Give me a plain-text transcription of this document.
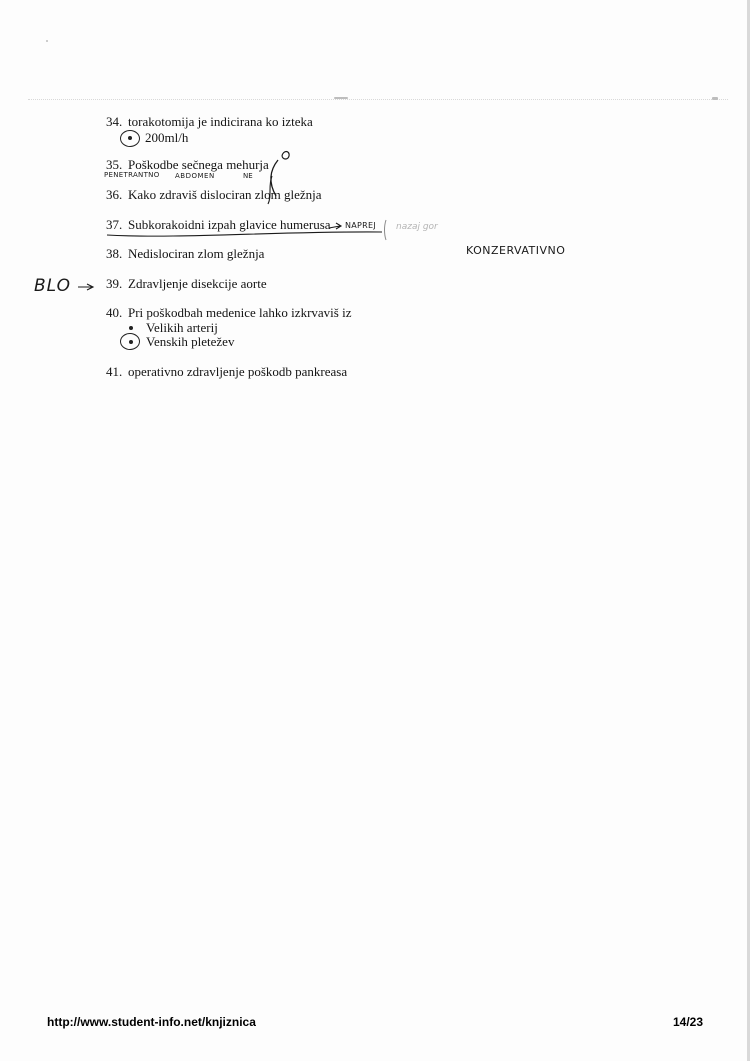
34. torakotomija je indicirana ko izteka
200ml/h
35. Poškodbe sečnega mehurja
PENETRANTNO ABDOMEN	NE
36. Kako zdraviš dislociran zlom gležnja
37. Subkorakoidni izpah glavice humerusa NAPREJ nazaj gor
38. Nedislociran zlom gležnja	KONZERVATIVNO
BLO	39. Zdravljenje disekcije aorte
40. Pri poškodbah medenice lahko izkrvaviš iz
Velikih arterij
Venskih pletežev
41. operativno zdravljenje poškodb pankreasa
http://www.student-info.net/knjiznica	14/23
